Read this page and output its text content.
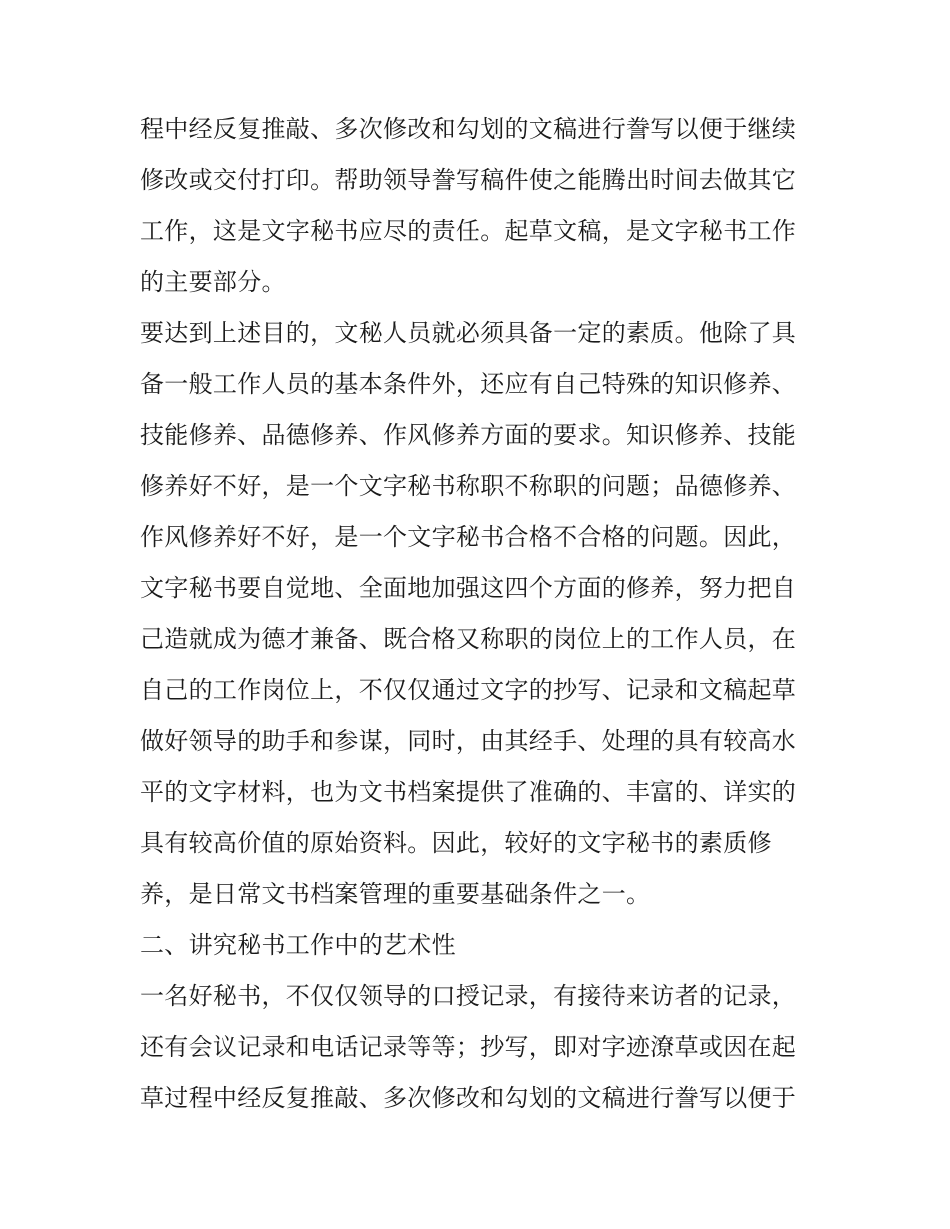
程中经反复推敲、多次修改和勾划的文稿进行誊写以便于继续
修改或交付打印。帮助领导誊写稿件使之能腾出时间去做其它
工作，这是文字秘书应尽的责任。起草文稿，是文字秘书工作
的主要部分。
要达到上述目的，文秘人员就必须具备一定的素质。他除了具
备一般工作人员的基本条件外，还应有自己特殊的知识修养、
技能修养、品德修养、作风修养方面的要求。知识修养、技能
修养好不好，是一个文字秘书称职不称职的问题；品德修养、
作风修养好不好，是一个文字秘书合格不合格的问题。因此，
文字秘书要自觉地、全面地加强这四个方面的修养，努力把自
己造就成为德才兼备、既合格又称职的岗位上的工作人员，在
自己的工作岗位上，不仅仅通过文字的抄写、记录和文稿起草
做好领导的助手和参谋，同时，由其经手、处理的具有较高水
平的文字材料，也为文书档案提供了准确的、丰富的、详实的
具有较高价值的原始资料。因此，较好的文字秘书的素质修
养，是日常文书档案管理的重要基础条件之一。
二、讲究秘书工作中的艺术性
一名好秘书，不仅仅领导的口授记录，有接待来访者的记录，
还有会议记录和电话记录等等；抄写，即对字迹潦草或因在起
草过程中经反复推敲、多次修改和勾划的文稿进行誊写以便于
